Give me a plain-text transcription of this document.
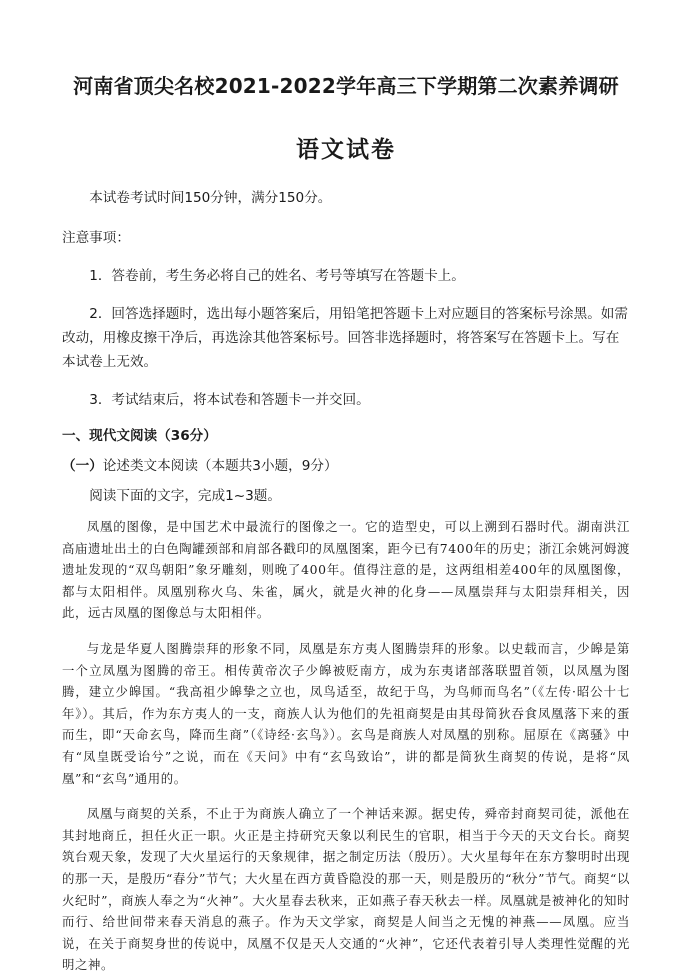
河南省顶尖名校2021-2022学年高三下学期第二次素养调研
语文试卷

本试卷考试时间150分钟，满分150分。

注意事项：

1．答卷前，考生务必将自己的姓名、考号等填写在答题卡上。

2．回答选择题时，选出每小题答案后，用铅笔把答题卡上对应题目的答案标号涂黑。如需改动，用橡皮擦干净后，再选涂其他答案标号。回答非选择题时，将答案写在答题卡上。写在本试卷上无效。

3．考试结束后，将本试卷和答题卡一并交回。

一、现代文阅读（36分）

（一）论述类文本阅读（本题共3小题，9分）

阅读下面的文字，完成1~3题。

凤凰的图像，是中国艺术中最流行的图像之一。它的造型史，可以上溯到石器时代。湖南洪江高庙遗址出土的白色陶罐颈部和肩部各戳印的凤凰图案，距今已有7400年的历史；浙江余姚河姆渡遗址发现的“双鸟朝阳”象牙雕刻，则晚了400年。值得注意的是，这两组相差400年的凤凰图像，都与太阳相伴。凤凰别称火乌、朱雀，属火，就是火神的化身——凤凰崇拜与太阳崇拜相关，因此，远古凤凰的图像总与太阳相伴。

与龙是华夏人图腾崇拜的形象不同，凤凰是东方夷人图腾崇拜的形象。以史载而言，少皞是第一个立凤凰为图腾的帝王。相传黄帝次子少皞被贬南方，成为东夷诸部落联盟首领，以凤凰为图腾，建立少皞国。“我高祖少皞挚之立也，凤鸟适至，故纪于鸟，为鸟师而鸟名”（《左传·昭公十七年》）。其后，作为东方夷人的一支，商族人认为他们的先祖商契是由其母简狄吞食凤凰落下来的蛋而生，即“天命玄鸟，降而生商”（《诗经·玄鸟》）。玄鸟是商族人对凤凰的别称。屈原在《离骚》中有“凤皇既受诒兮”之说，而在《天问》中有“玄鸟致诒”，讲的都是简狄生商契的传说，是将“凤凰”和“玄鸟”通用的。

凤凰与商契的关系，不止于为商族人确立了一个神话来源。据史传，舜帝封商契司徒，派他在其封地商丘，担任火正一职。火正是主持研究天象以利民生的官职，相当于今天的天文台长。商契筑台观天象，发现了大火星运行的天象规律，据之制定历法（殷历）。大火星每年在东方黎明时出现的那一天，是殷历“春分”节气；大火星在西方黄昏隐没的那一天，则是殷历的“秋分”节气。商契“以火纪时”，商族人奉之为“火神”。大火星春去秋来，正如燕子春天秋去一样。凤凰就是被神化的知时而行、给世间带来春天消息的燕子。作为天文学家，商契是人间当之无愧的神燕——凤凰。应当说，在关于商契身世的传说中，凤凰不仅是天人交通的“火神”，它还代表着引导人类理性觉醒的光明之神。
